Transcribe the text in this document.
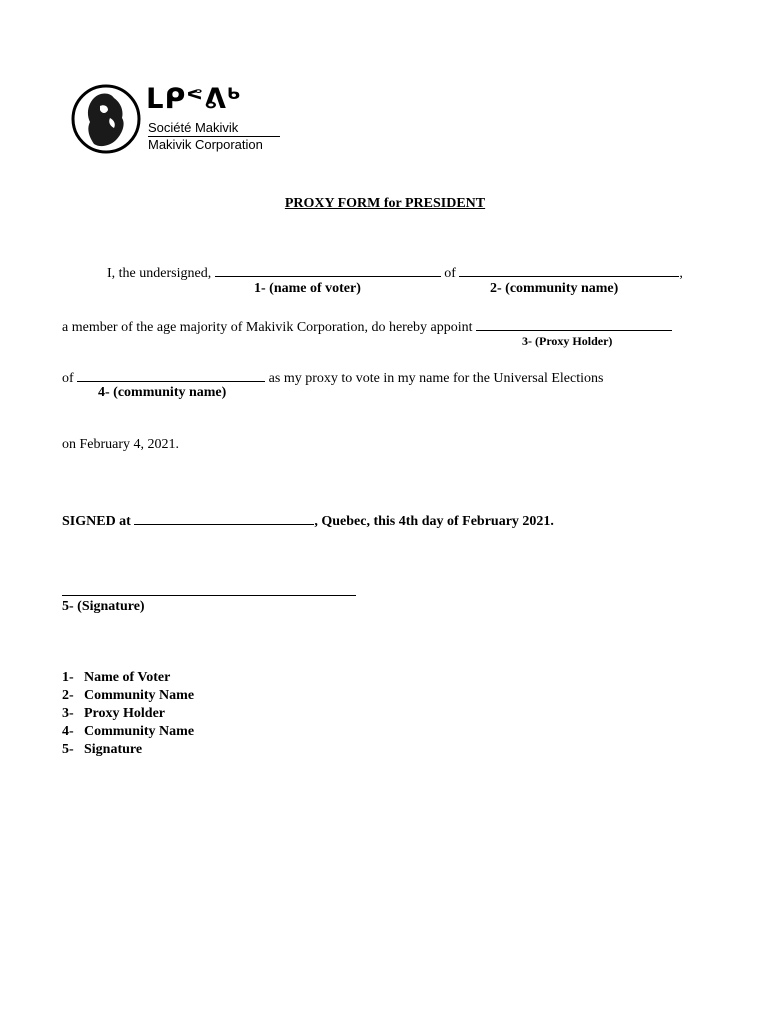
ᒪᑭᕝᕕᒃ
Société Makivik
Makivik Corporation
PROXY FORM for PRESIDENT
I, the undersigned,	of	,
1- (name of voter)	2- (community name)
a member of the age majority of Makivik Corporation, do hereby appoint
3- (Proxy Holder)
of	as my proxy to vote in my name for the Universal Elections
4- (community name)
on February 4, 2021.
SIGNED at	, Quebec, this 4th day of February 2021.
5- (Signature)
1- Name of Voter
2- Community Name
3- Proxy Holder
4- Community Name
5- Signature
